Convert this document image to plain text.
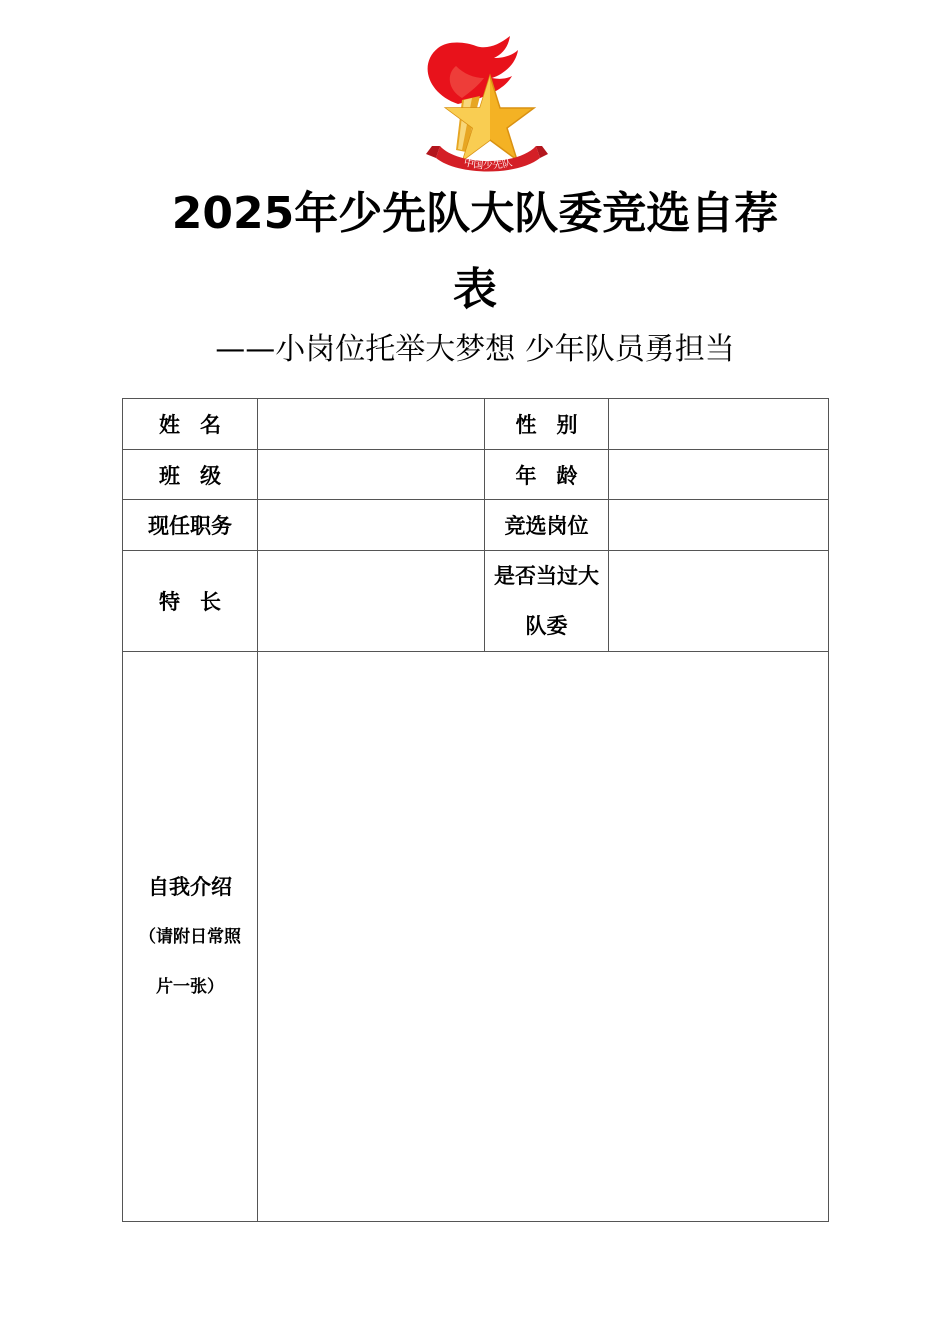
中国少先队
2025年少先队大队委竞选自荐
表
——小岗位托举大梦想 少年队员勇担当
姓名		性别	
班级		年龄	
现任职务		竞选岗位	
特长		是否当过大
队委	

自我介绍
（请附日常照
片一张）			
